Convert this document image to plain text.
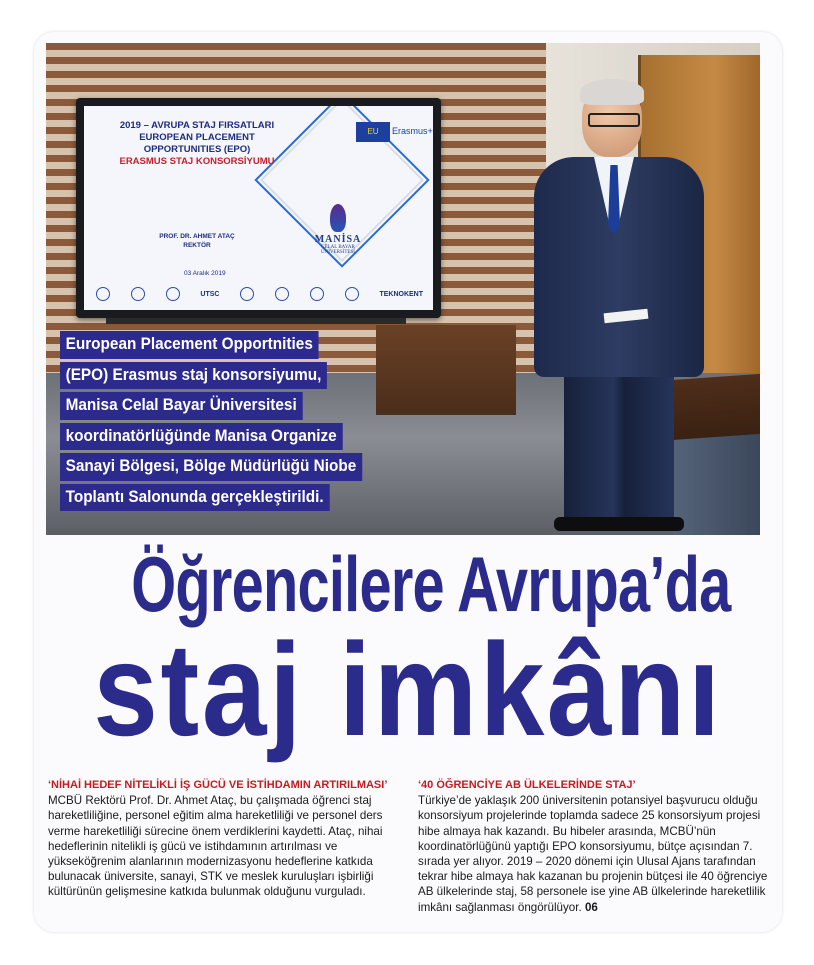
2019 – AVRUPA STAJ FIRSATLARI
EUROPEAN PLACEMENT
OPPORTUNITIES (EPO)
ERASMUS STAJ KONSORSİYUMU
EU	Erasmus+
MANİSA
CELAL BAYAR ÜNİVERSİTESİ
PROF. DR. AHMET ATAÇ
REKTÖR
03 Aralık 2019
UTSC	TEKNOKENT
European Placement Opportnities
(EPO) Erasmus staj konsorsiyumu,
Manisa Celal Bayar Üniversitesi
koordinatörlüğünde Manisa Organize
Sanayi Bölgesi, Bölge Müdürlüğü Niobe
Toplantı Salonunda gerçekleştirildi.
Öğrencilere Avrupa’da
staj imkânı
‘NİHAİ HEDEF NİTELİKLİ İŞ GÜCÜ VE İSTİHDAMIN ARTIRILMASI’
MCBÜ Rektörü Prof. Dr. Ahmet Ataç, bu çalışmada öğrenci staj hareketliliğine, personel eğitim alma hareketliliği ve personel ders verme hareketliliği sürecine önem verdiklerini kaydetti. Ataç, nihai hedeflerinin nitelikli iş gücü ve istihdamının artırılması ve yükseköğrenim alanlarının modernizasyonu hedeflerine katkıda bulunacak üniversite, sanayi, STK ve meslek kuruluşları işbirliği kültürünün gelişmesine katkıda bulunmak olduğunu vurguladı.
‘40 ÖĞRENCİYE AB ÜLKELERİNDE STAJ’
Türkiye’de yaklaşık 200 üniversitenin potansiyel başvurucu olduğu konsorsiyum projelerinde toplamda sadece 25 konsorsiyum projesi hibe almaya hak kazandı. Bu hibeler arasında, MCBÜ’nün koordinatörlüğünü yaptığı EPO konsorsiyumu, bütçe açısından 7. sırada yer alıyor. 2019 – 2020 dönemi için Ulusal Ajans tarafından tekrar hibe almaya hak kazanan bu projenin bütçesi ile 40 öğrenciye AB ülkelerinde staj, 58 personele ise yine AB ülkelerinde hareketlilik imkânı sağlanması öngörülüyor. 06
